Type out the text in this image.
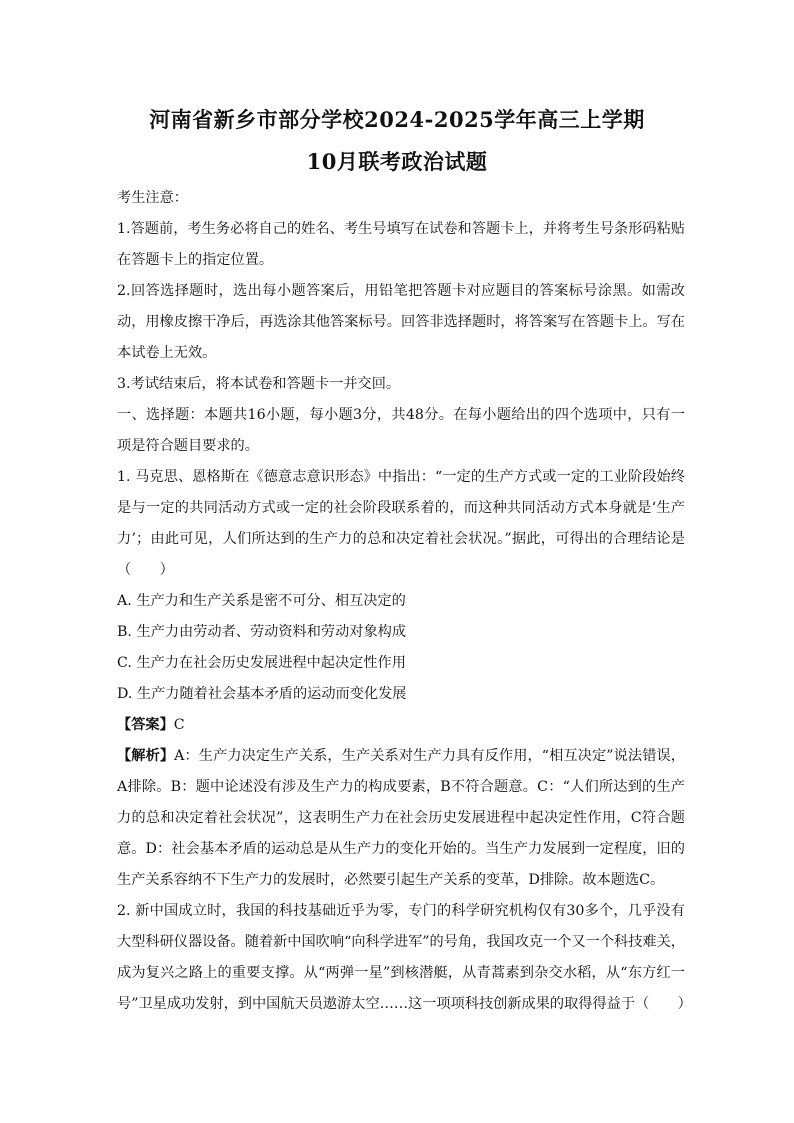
河南省新乡市部分学校2024-2025学年高三上学期
10月联考政治试题

考生注意：

1.答题前，考生务必将自己的姓名、考生号填写在试卷和答题卡上，并将考生号条形码粘贴在答题卡上的指定位置。

2.回答选择题时，选出每小题答案后，用铅笔把答题卡对应题目的答案标号涂黑。如需改动，用橡皮擦干净后，再选涂其他答案标号。回答非选择题时，将答案写在答题卡上。写在本试卷上无效。

3.考试结束后，将本试卷和答题卡一并交回。

一、选择题：本题共16小题，每小题3分，共48分。在每小题给出的四个选项中，只有一项是符合题目要求的。

1. 马克思、恩格斯在《德意志意识形态》中指出：“一定的生产方式或一定的工业阶段始终是与一定的共同活动方式或一定的社会阶段联系着的，而这种共同活动方式本身就是‘生产力’；由此可见，人们所达到的生产力的总和决定着社会状况。”据此，可得出的合理结论是（　　）

A. 生产力和生产关系是密不可分、相互决定的

B. 生产力由劳动者、劳动资料和劳动对象构成

C. 生产力在社会历史发展进程中起决定性作用

D. 生产力随着社会基本矛盾的运动而变化发展

【答案】C

【解析】A：生产力决定生产关系，生产关系对生产力具有反作用，“相互决定”说法错误，A排除。B：题中论述没有涉及生产力的构成要素，B不符合题意。C：“人们所达到的生产力的总和决定着社会状况”，这表明生产力在社会历史发展进程中起决定性作用，C符合题意。D：社会基本矛盾的运动总是从生产力的变化开始的。当生产力发展到一定程度，旧的生产关系容纳不下生产力的发展时，必然要引起生产关系的变革，D排除。故本题选C。

2. 新中国成立时，我国的科技基础近乎为零，专门的科学研究机构仅有30多个，几乎没有大型科研仪器设备。随着新中国吹响“向科学进军”的号角，我国攻克一个又一个科技难关，成为复兴之路上的重要支撑。从“两弹一星”到核潜艇，从青蒿素到杂交水稻，从“东方红一号”卫星成功发射，到中国航天员遨游太空……这一项项科技创新成果的取得得益于（　　）
